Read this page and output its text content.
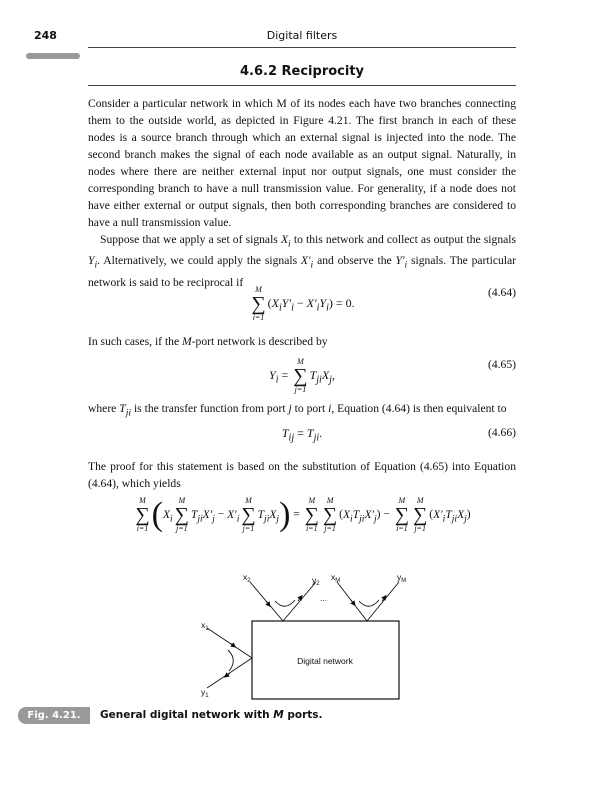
248	Digital filters
4.6.2 Reciprocity

Consider a particular network in which M of its nodes each have two branches connecting them to the outside world, as depicted in Figure 4.21. The first branch in each of these nodes is a source branch through which an external signal is injected into the node. The second branch makes the signal of each node available as an output signal. Naturally, in nodes where there are neither external input nor output signals, one must consider the corresponding branch to have a null transmission value. For generality, if a node does not have either external or output signals, then both corresponding branches are considered to have a null transmission value.

Suppose that we apply a set of signals $X_i$ to this network and collect as output the signals $Y_i$. Alternatively, we could apply the signals $X'_i$ and observe the $Y'_i$ signals. The particular network is said to be reciprocal if

M
∑
i=1
$(X_iY'_i - X'_iY_i) = 0$.
(4.64)
In such cases, if the M-port network is described by
$Y_i$ =
M
∑
j=1
$T_{ji}X_j$,
(4.65)
where $T_{ji}$ is the transfer function from port j to port i, Equation (4.64) is then equivalent to
$T_{ij} = T_{ji}$.	(4.66)
The proof for this statement is based on the substitution of Equation (4.65) into Equation (4.64), which yields
M
∑
i=1 ($X_i$
M
∑
j=1
$T_{ji}X'_j - X'_i$
M
∑
j=1
$T_{ji}X_j$) =
M
∑
i=1
M
∑
j=1
$(X_iT_{ji}X'_j)$ −
M
∑
i=1
M
∑
j=1
$(X'_iT_{ji}X_j)$
$x_1$
$y_1$
$x_2$	$y_2$
$x_M$	$y_M$
...
Digital network
Fig. 4.21.	General digital network with M ports.
